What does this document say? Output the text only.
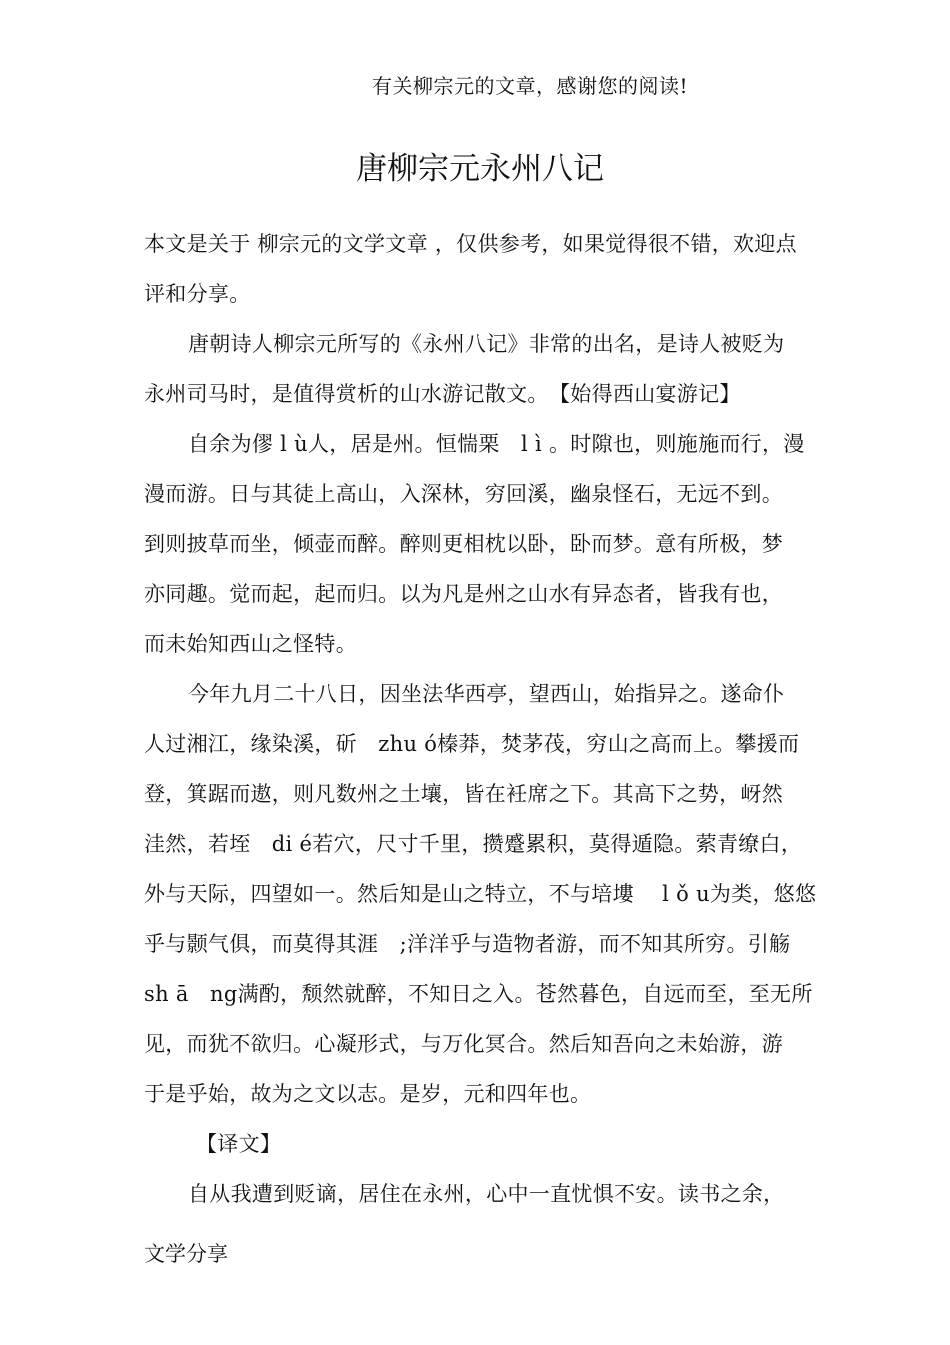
有关柳宗元的文章，感谢您的阅读!
唐柳宗元永州八记
本文是关于 柳宗元的文学文章 ，仅供参考，如果觉得很不错，欢迎点
评和分享。
唐朝诗人柳宗元所写的《永州八记》非常的出名，是诗人被贬为
永州司马时，是值得赏析的山水游记散文。　【始得西山宴游记】
自余为僇 l ù人，居是州。恒惴栗　l ì 。时隙也，则施施而行，漫
漫而游。日与其徒上高山，入深林，穷回溪，幽泉怪石，无远不到。
到则披草而坐，倾壶而醉。醉则更相枕以卧，卧而梦。意有所极，梦
亦同趣。觉而起，起而归。以为凡是州之山水有异态者，皆我有也，
而未始知西山之怪特。
今年九月二十八日，因坐法华西亭，望西山，始指异之。遂命仆
人过湘江，缘染溪，斫　zhu ó榛莽，焚茅茷，穷山之高而上。攀援而
登，箕踞而遨，则凡数州之土壤，皆在衽席之下。其高下之势，岈然
洼然，若垤　di é若穴，尺寸千里，攒蹙累积，莫得遁隐。萦青缭白，
外与天际，四望如一。然后知是山之特立，不与培塿　 l ǒ u为类，悠悠
乎与颢气俱，而莫得其涯　;洋洋乎与造物者游，而不知其所穷。引觞
sh ā　ng满酌，颓然就醉，不知日之入。苍然暮色，自远而至，至无所
见，而犹不欲归。心凝形式，与万化冥合。然后知吾向之未始游，游
于是乎始，故为之文以志。是岁，元和四年也。
【译文】
自从我遭到贬谪，居住在永州，心中一直忧惧不安。读书之余，
文学分享
